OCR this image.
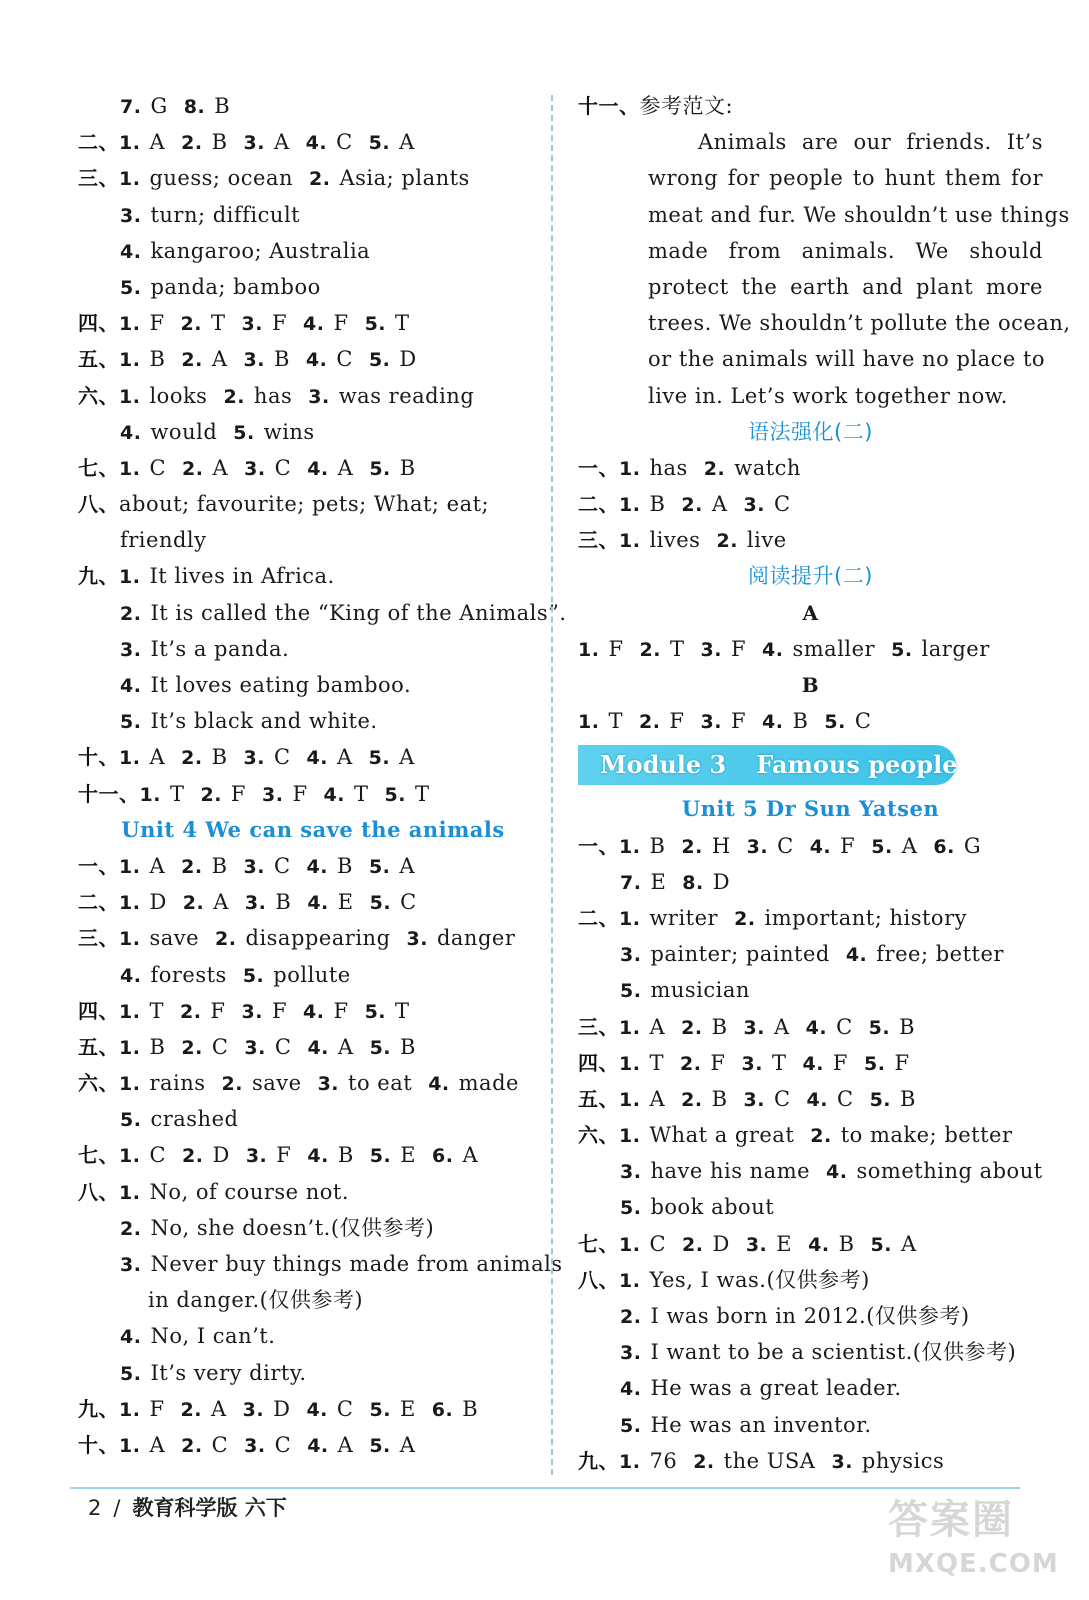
7. G 8. B
二、1. A 2. B 3. A 4. C 5. A
三、1. guess; ocean 2. Asia; plants
3. turn; difficult
4. kangaroo; Australia
5. panda; bamboo
四、1. F 2. T 3. F 4. F 5. T
五、1. B 2. A 3. B 4. C 5. D
六、1. looks 2. has 3. was reading
4. would 5. wins
七、1. C 2. A 3. C 4. A 5. B
八、about; favourite; pets; What; eat;
friendly
九、1. It lives in Africa.
2. It is called the “King of the Animals”.
3. It’s a panda.
4. It loves eating bamboo.
5. It’s black and white.
十、1. A 2. B 3. C 4. A 5. A
十一、1. T 2. F 3. F 4. T 5. T
Unit 4 We can save the animals
一、1. A 2. B 3. C 4. B 5. A
二、1. D 2. A 3. B 4. E 5. C
三、1. save 2. disappearing 3. danger
4. forests 5. pollute
四、1. T 2. F 3. F 4. F 5. T
五、1. B 2. C 3. C 4. A 5. B
六、1. rains 2. save 3. to eat 4. made
5. crashed
七、1. C 2. D 3. F 4. B 5. E 6. A
八、1. No, of course not.
2. No, she doesn’t.(仅供参考)
3. Never buy things made from animals
in danger.(仅供参考)
4. No, I can’t.
5. It’s very dirty.
九、1. F 2. A 3. D 4. C 5. E 6. B
十、1. A 2. C 3. C 4. A 5. A
十一、参考范文:
Animals are our friends. It’s
wrong for people to hunt them for
meat and fur. We shouldn’t use things
made from animals. We should
protect the earth and plant more
trees. We shouldn’t pollute the ocean,
or the animals will have no place to
live in. Let’s work together now.
语法强化(二)
一、1. has 2. watch
二、1. B 2. A 3. C
三、1. lives 2. live
阅读提升(二)
A
1. F 2. T 3. F 4. smaller 5. larger
B
1. T 2. F 3. F 4. B 5. C
Module 3 Famous people
Unit 5 Dr Sun Yatsen
一、1. B 2. H 3. C 4. F 5. A 6. G
7. E 8. D
二、1. writer 2. important; history
3. painter; painted 4. free; better
5. musician
三、1. A 2. B 3. A 4. C 5. B
四、1. T 2. F 3. T 4. F 5. F
五、1. A 2. B 3. C 4. C 5. B
六、1. What a great 2. to make; better
3. have his name 4. something about
5. book about
七、1. C 2. D 3. E 4. B 5. A
八、1. Yes, I was.(仅供参考)
2. I was born in 2012.(仅供参考)
3. I want to be a scientist.(仅供参考)
4. He was a great leader.
5. He was an inventor.
九、1. 76 2. the USA 3. physics
2 / 教育科学版 六下	答案圈
MXQE.COM
